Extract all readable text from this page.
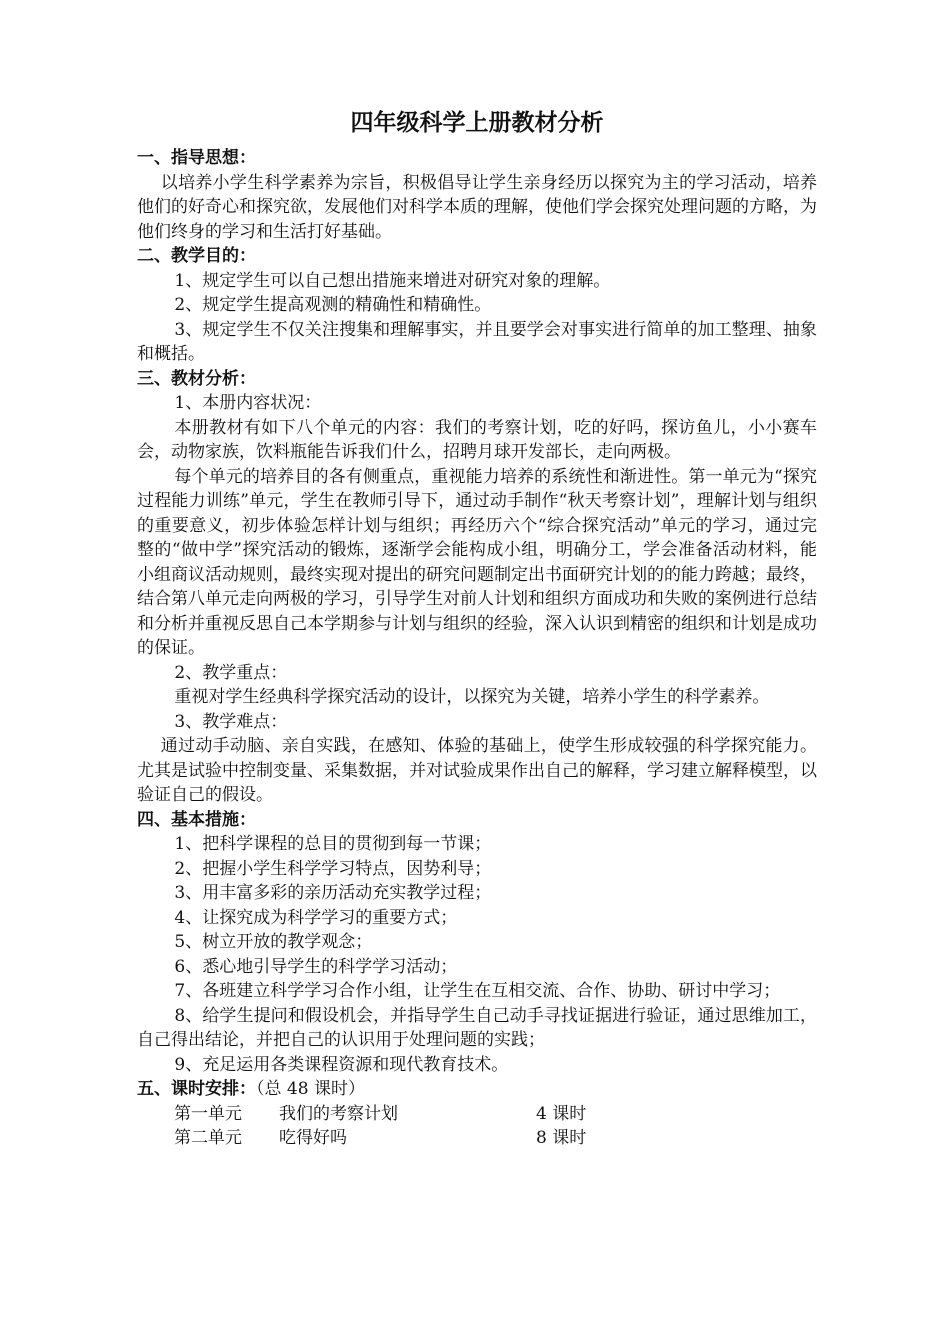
四年级科学上册教材分析
一、指导思想：

以培养小学生科学素养为宗旨，积极倡导让学生亲身经历以探究为主的学习活动，培养他们的好奇心和探究欲，发展他们对科学本质的理解，使他们学会探究处理问题的方略，为他们终身的学习和生活打好基础。

二、教学目的：

1、规定学生可以自己想出措施来增进对研究对象的理解。

2、规定学生提高观测的精确性和精确性。

3、规定学生不仅关注搜集和理解事实，并且要学会对事实进行简单的加工整理、抽象和概括。

三、教材分析：

1、本册内容状况：

本册教材有如下八个单元的内容：我们的考察计划，吃的好吗，探访鱼儿，小小赛车会，动物家族，饮料瓶能告诉我们什么，招聘月球开发部长，走向两极。

每个单元的培养目的各有侧重点，重视能力培养的系统性和渐进性。第一单元为“探究过程能力训练”单元，学生在教师引导下，通过动手制作“秋天考察计划”，理解计划与组织的重要意义，初步体验怎样计划与组织；再经历六个“综合探究活动”单元的学习，通过完整的“做中学”探究活动的锻炼，逐渐学会能构成小组，明确分工，学会准备活动材料，能小组商议活动规则，最终实现对提出的研究问题制定出书面研究计划的的能力跨越；最终，结合第八单元走向两极的学习，引导学生对前人计划和组织方面成功和失败的案例进行总结和分析并重视反思自己本学期参与计划与组织的经验，深入认识到精密的组织和计划是成功的保证。

2、教学重点：

重视对学生经典科学探究活动的设计，以探究为关键，培养小学生的科学素养。

3、教学难点：

通过动手动脑、亲自实践，在感知、体验的基础上，使学生形成较强的科学探究能力。尤其是试验中控制变量、采集数据，并对试验成果作出自己的解释，学习建立解释模型，以验证自己的假设。

四、基本措施：

1、把科学课程的总目的贯彻到每一节课；

2、把握小学生科学学习特点，因势利导；

3、用丰富多彩的亲历活动充实教学过程；

4、让探究成为科学学习的重要方式；

5、树立开放的教学观念；

6、悉心地引导学生的科学学习活动；

7、各班建立科学学习合作小组，让学生在互相交流、合作、协助、研讨中学习；

8、给学生提问和假设机会，并指导学生自己动手寻找证据进行验证，通过思维加工，自己得出结论，并把自己的认识用于处理问题的实践；

9、充足运用各类课程资源和现代教育技术。

五、课时安排：（总 48 课时）
第一单元	我们的考察计划	4 课时
第二单元	吃得好吗	8 课时
